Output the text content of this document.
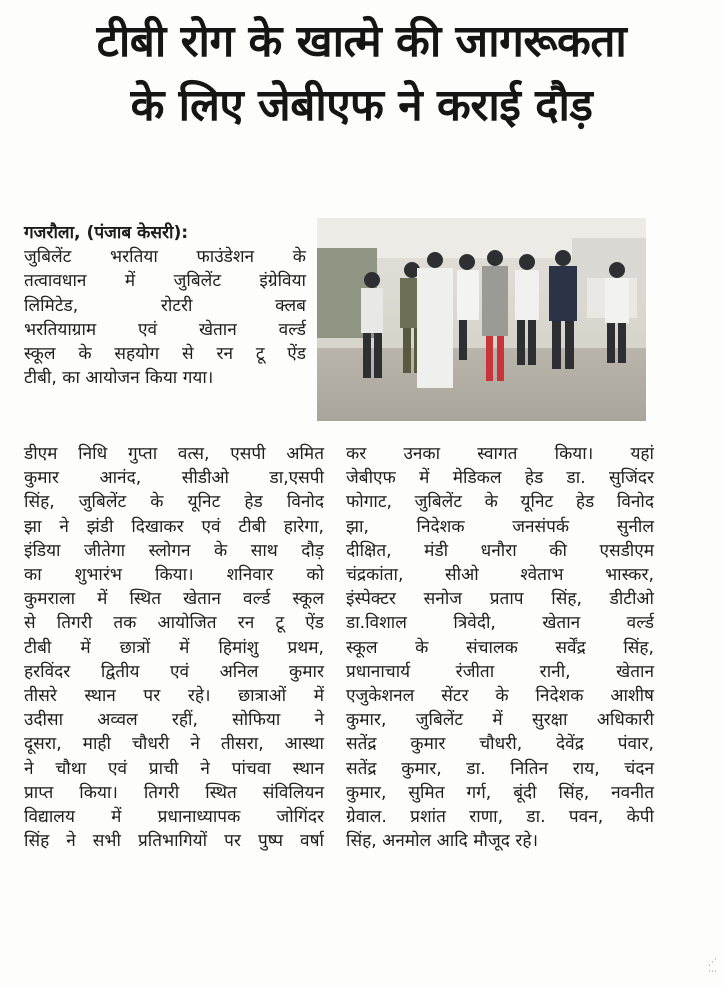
टीबी रोग के खात्मे की जागरूकता
के लिए जेबीएफ ने कराई दौड़

गजरौला, (पंजाब केसरी):

जुबिलेंट भरतिया फाउंडेशन के

तत्वावधान में जुबिलेंट इंग्रेविया

लिमिटेड, रोटरी क्लब

भरतियाग्राम एवं खेतान वर्ल्ड

स्कूल के सहयोग से रन टू ऐंड

टीबी, का आयोजन किया गया।

डीएम निधि गुप्ता वत्स, एसपी अमित

कुमार आनंद, सीडीओ डा,एसपी

सिंह, जुबिलेंट के यूनिट हेड विनोद

झा ने झंडी दिखाकर एवं टीबी हारेगा,

इंडिया जीतेगा स्लोगन के साथ दौड़

का शुभारंभ किया। शनिवार को

कुमराला में स्थित खेतान वर्ल्ड स्कूल

से तिगरी तक आयोजित रन टू ऐंड

टीबी में छात्रों में हिमांशु प्रथम,

हरविंदर द्वितीय एवं अनिल कुमार

तीसरे स्थान पर रहे। छात्राओं में

उदीसा अव्वल रहीं, सोफिया ने

दूसरा, माही चौधरी ने तीसरा, आस्था

ने चौथा एवं प्राची ने पांचवा स्थान

प्राप्त किया। तिगरी स्थित संविलियन

विद्यालय में प्रधानाध्यापक जोगिंदर

सिंह ने सभी प्रतिभागियों पर पुष्प वर्षा

कर उनका स्वागत किया। यहां

जेबीएफ में मेडिकल हेड डा. सुजिंदर

फोगाट, जुबिलेंट के यूनिट हेड विनोद

झा, निदेशक जनसंपर्क सुनील

दीक्षित, मंडी धनौरा की एसडीएम

चंद्रकांता, सीओ श्वेताभ भास्कर,

इंस्पेक्टर सनोज प्रताप सिंह, डीटीओ

डा.विशाल त्रिवेदी, खेतान वर्ल्ड

स्कूल के संचालक सर्वेंद्र सिंह,

प्रधानाचार्य रंजीता रानी, खेतान

एजुकेशनल सेंटर के निदेशक आशीष

कुमार, जुबिलेंट में सुरक्षा अधिकारी

सतेंद्र कुमार चौधरी, देवेंद्र पंवार,

सतेंद्र कुमार, डा. नितिन राय, चंदन

कुमार, सुमित गर्ग, बूंदी सिंह, नवनीत

ग्रेवाल. प्रशांत राणा, डा. पवन, केपी

सिंह, अनमोल आदि मौजूद रहे।

⋰
⋯
